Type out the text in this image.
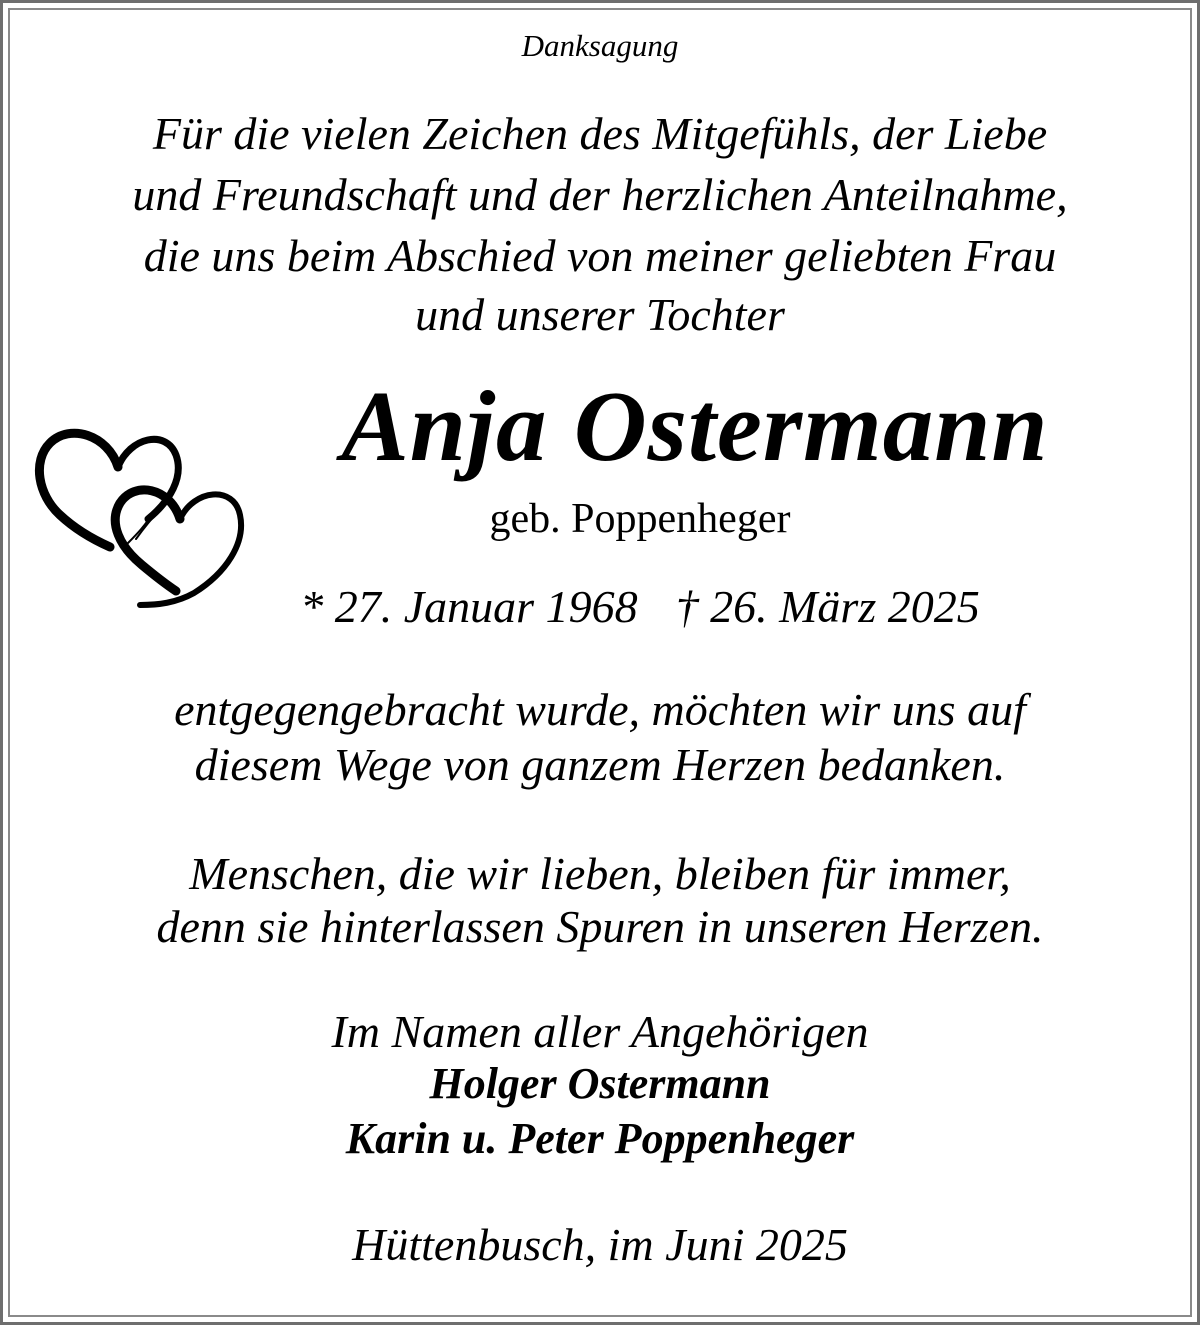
Danksagung
Für die vielen Zeichen des Mitgefühls, der Liebe
und Freundschaft und der herzlichen Anteilnahme,
die uns beim Abschied von meiner geliebten Frau
und unserer Tochter
Anja Ostermann
geb. Poppenheger
* 27. Januar 1968 † 26. März 2025
entgegengebracht wurde, möchten wir uns auf
diesem Wege von ganzem Herzen bedanken.
Menschen, die wir lieben, bleiben für immer,
denn sie hinterlassen Spuren in unseren Herzen.
Im Namen aller Angehörigen
Holger Ostermann
Karin u. Peter Poppenheger
Hüttenbusch, im Juni 2025
